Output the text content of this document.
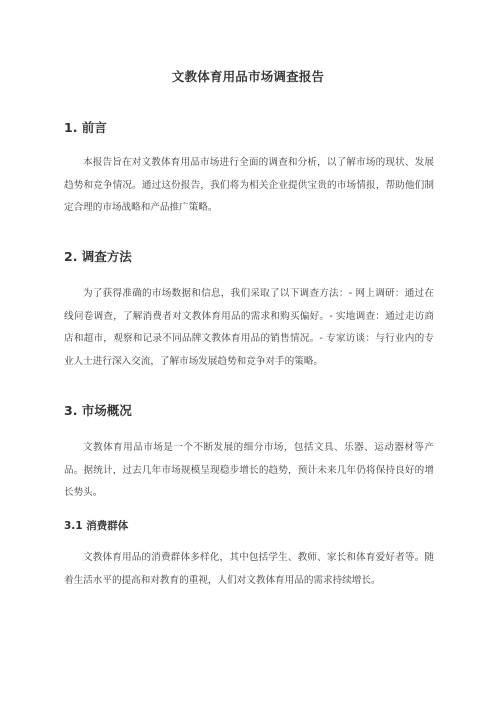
文教体育用品市场调查报告
1. 前言
本报告旨在对文教体育用品市场进行全面的调查和分析，以了解市场的现状、发展趋势和竞争情况。通过这份报告，我们将为相关企业提供宝贵的市场情报，帮助他们制定合理的市场战略和产品推广策略。
2. 调查方法
为了获得准确的市场数据和信息，我们采取了以下调查方法：- 网上调研：通过在线问卷调查，了解消费者对文教体育用品的需求和购买偏好。- 实地调查：通过走访商店和超市，观察和记录不同品牌文教体育用品的销售情况。- 专家访谈：与行业内的专业人士进行深入交流，了解市场发展趋势和竞争对手的策略。
3. 市场概况
文教体育用品市场是一个不断发展的细分市场，包括文具、乐器、运动器材等产品。据统计，过去几年市场规模呈现稳步增长的趋势，预计未来几年仍将保持良好的增长势头。
3.1 消费群体
文教体育用品的消费群体多样化，其中包括学生、教师、家长和体育爱好者等。随着生活水平的提高和对教育的重视，人们对文教体育用品的需求持续增长。
